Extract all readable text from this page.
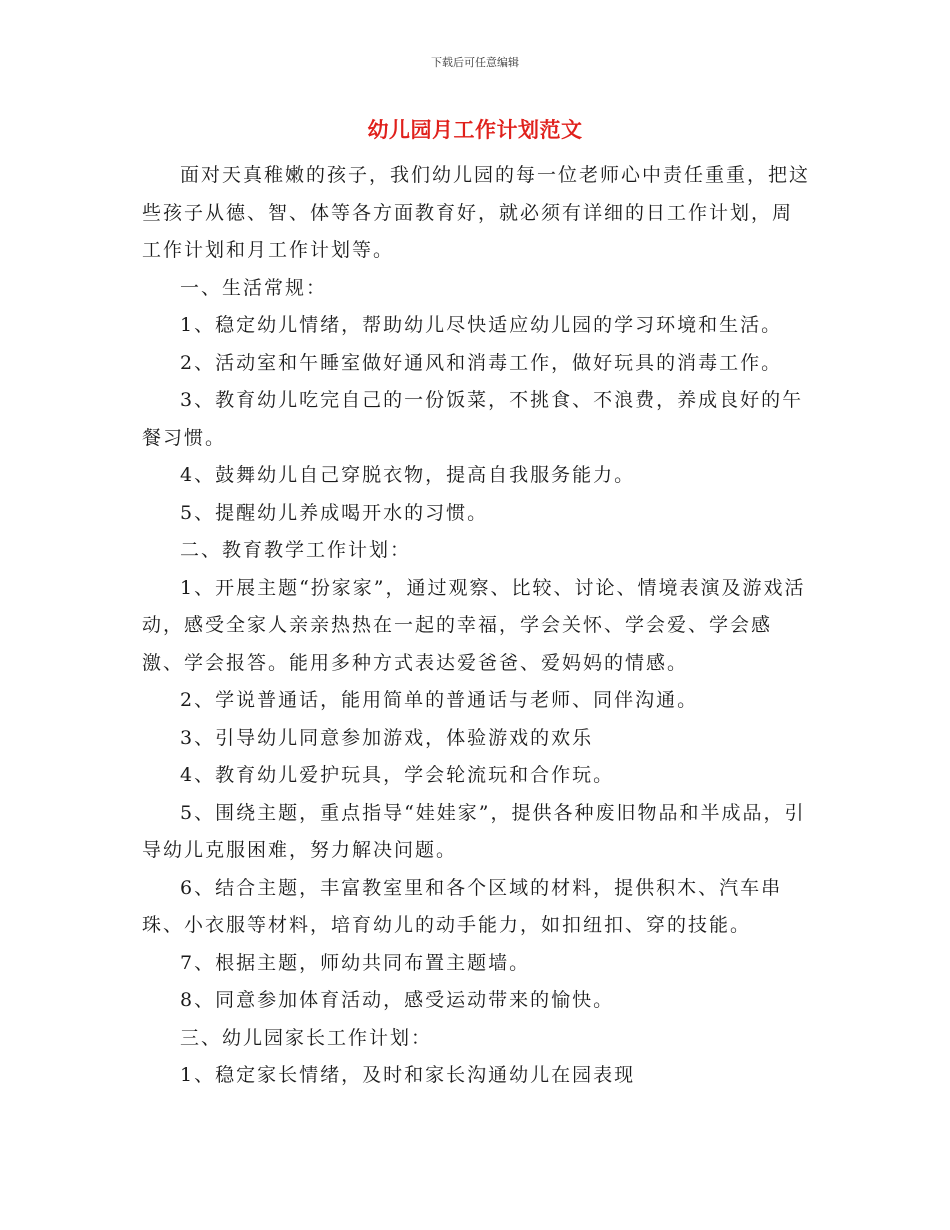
下载后可任意编辑
幼儿园月工作计划范文

面对天真稚嫩的孩子，我们幼儿园的每一位老师心中责任重重，把这些孩子从德、智、体等各方面教育好，就必须有详细的日工作计划，周工作计划和月工作计划等。

一、生活常规：

1、稳定幼儿情绪，帮助幼儿尽快适应幼儿园的学习环境和生活。

2、活动室和午睡室做好通风和消毒工作，做好玩具的消毒工作。

3、教育幼儿吃完自己的一份饭菜，不挑食、不浪费，养成良好的午餐习惯。

4、鼓舞幼儿自己穿脱衣物，提高自我服务能力。

5、提醒幼儿养成喝开水的习惯。

二、教育教学工作计划：

1、开展主题“扮家家”，通过观察、比较、讨论、情境表演及游戏活动，感受全家人亲亲热热在一起的幸福，学会关怀、学会爱、学会感激、学会报答。能用多种方式表达爱爸爸、爱妈妈的情感。

2、学说普通话，能用简单的普通话与老师、同伴沟通。

3、引导幼儿同意参加游戏，体验游戏的欢乐

4、教育幼儿爱护玩具，学会轮流玩和合作玩。

5、围绕主题，重点指导“娃娃家”，提供各种废旧物品和半成品，引导幼儿克服困难，努力解决问题。

6、结合主题，丰富教室里和各个区域的材料，提供积木、汽车串珠、小衣服等材料，培育幼儿的动手能力，如扣纽扣、穿的技能。

7、根据主题，师幼共同布置主题墙。

8、同意参加体育活动，感受运动带来的愉快。

三、幼儿园家长工作计划：

1、稳定家长情绪，及时和家长沟通幼儿在园表现
